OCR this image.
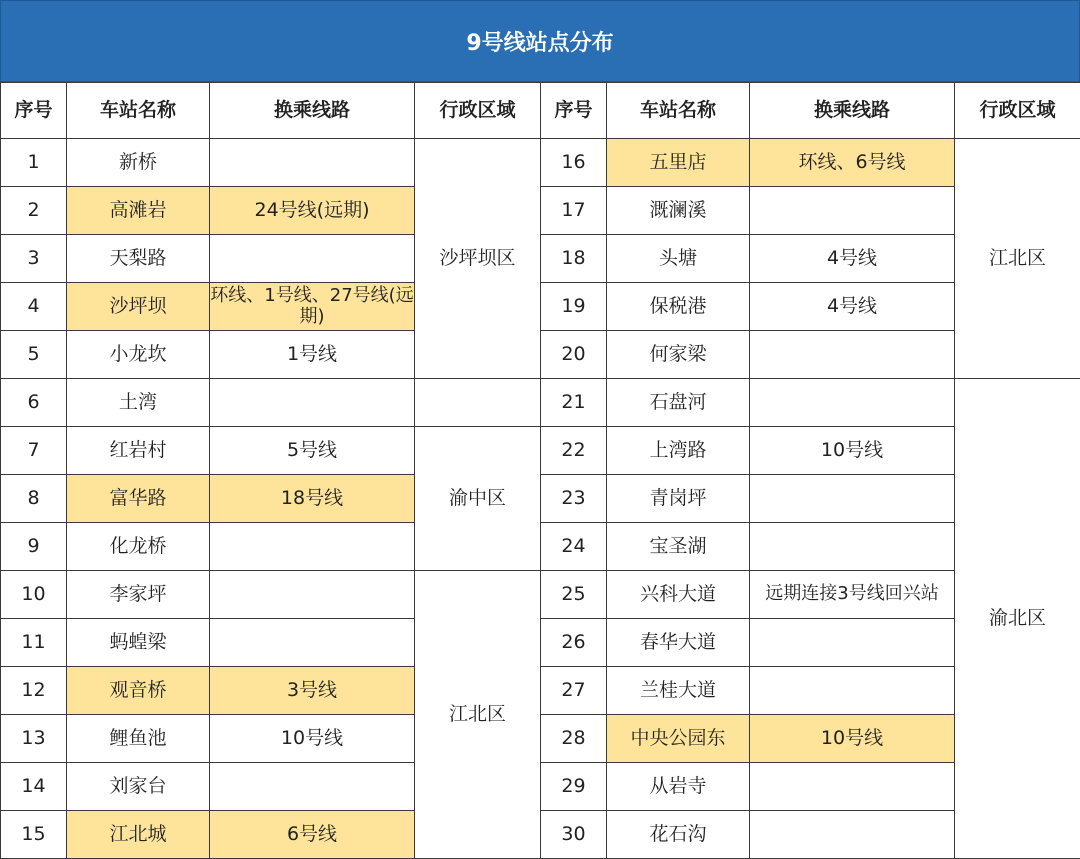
9号线站点分布
序号	车站名称	换乘线路	行政区域	序号	车站名称	换乘线路	行政区域
1	新桥		沙坪坝区	16	五里店	环线、6号线	江北区
2	高滩岩	24号线(远期)		17	溉澜溪		
3	天梨路			18	头塘	4号线	
4	沙坪坝	环线、1号线、27号线(远期)		19	保税港	4号线	
5	小龙坎	1号线		20	何家梁		
6	土湾			21	石盘河		渝北区
7	红岩村	5号线	渝中区	22	上湾路	10号线	
8	富华路	18号线		23	青岗坪		
9	化龙桥			24	宝圣湖		
10	李家坪		江北区	25	兴科大道	远期连接3号线回兴站	
11	蚂蝗梁			26	春华大道		
12	观音桥	3号线		27	兰桂大道		
13	鲤鱼池	10号线		28	中央公园东	10号线	
14	刘家台			29	从岩寺		
15	江北城	6号线		30	花石沟		
